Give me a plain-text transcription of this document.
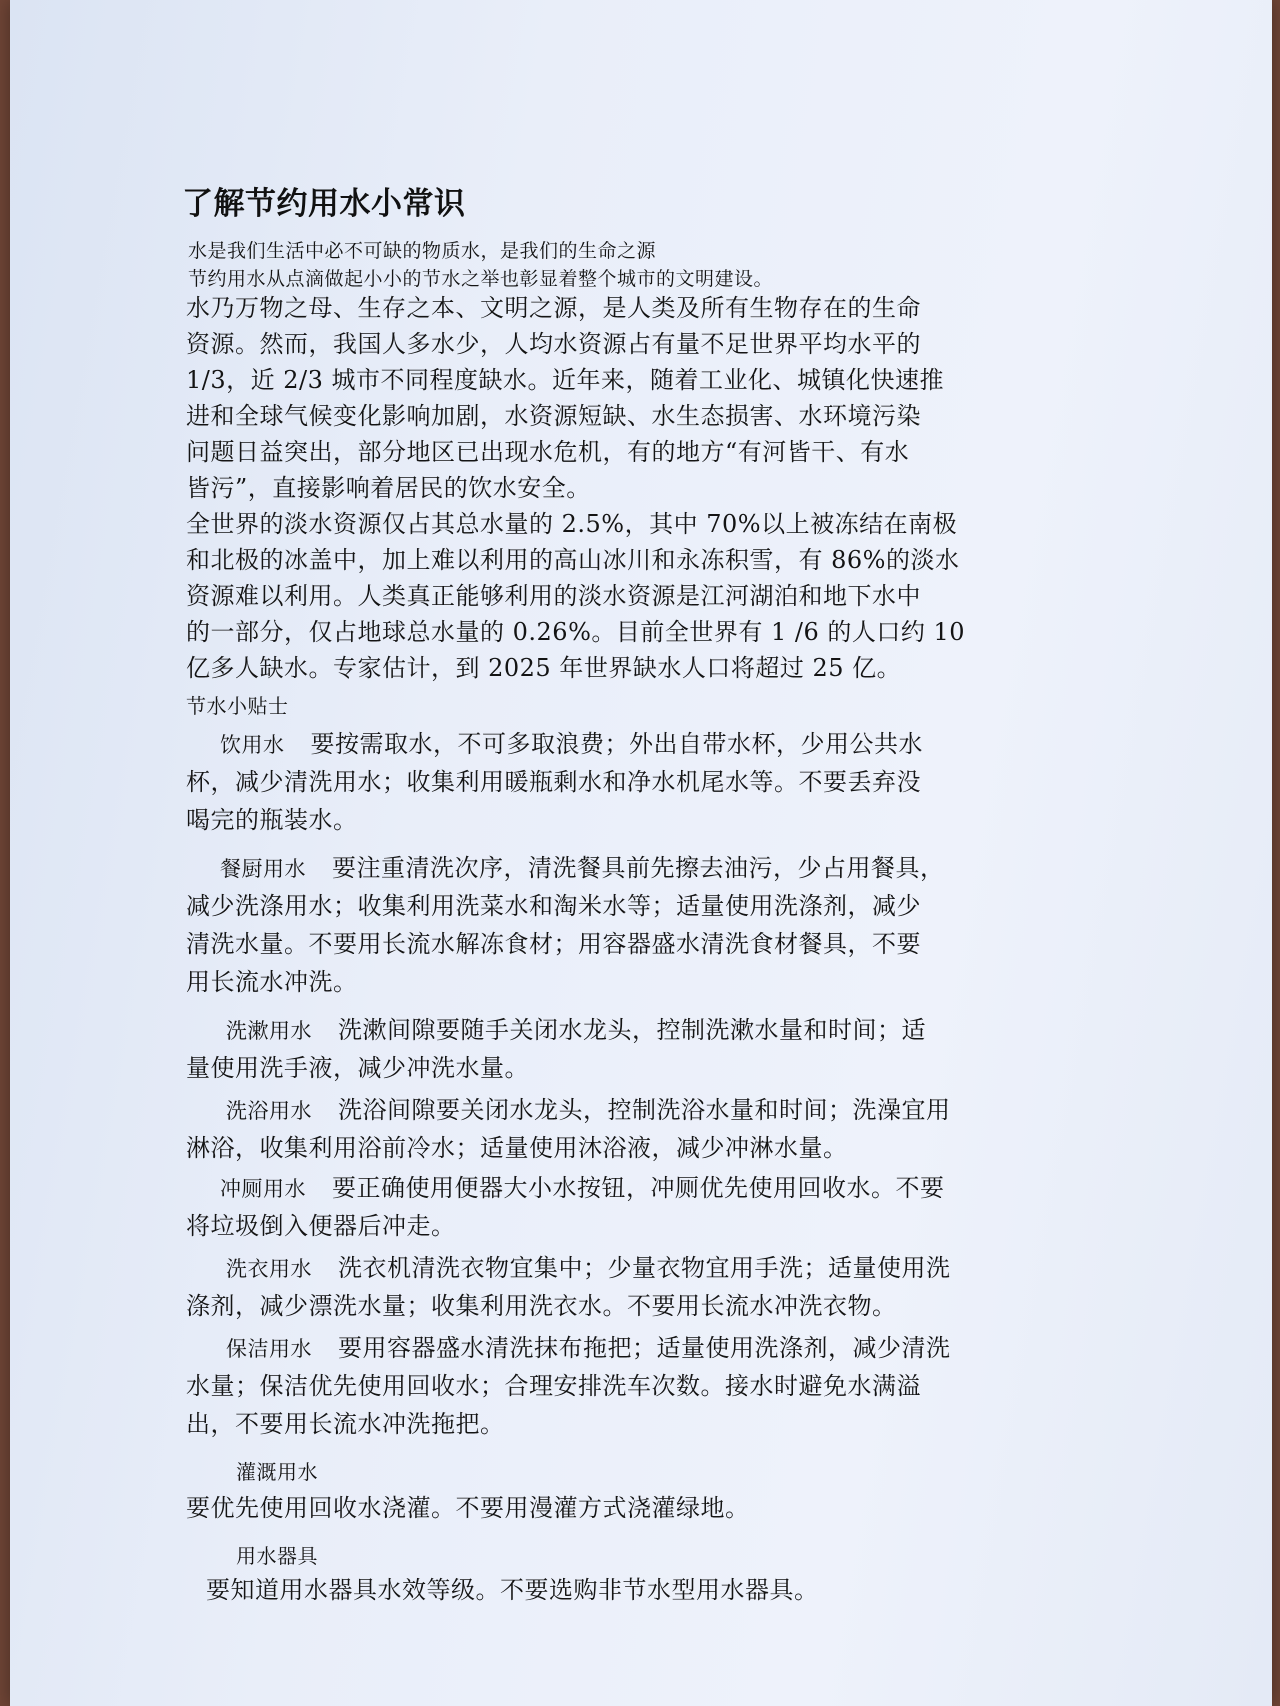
了解节约用水小常识
水是我们生活中必不可缺的物质水，是我们的生命之源
节约用水从点滴做起小小的节水之举也彰显着整个城市的文明建设。
水乃万物之母、生存之本、文明之源，是人类及所有生物存在的生命
资源。然而，我国人多水少，人均水资源占有量不足世界平均水平的
1/3，近 2/3 城市不同程度缺水。近年来，随着工业化、城镇化快速推
进和全球气候变化影响加剧，水资源短缺、水生态损害、水环境污染
问题日益突出，部分地区已出现水危机，有的地方“有河皆干、有水
皆污”，直接影响着居民的饮水安全。
全世界的淡水资源仅占其总水量的 2.5%，其中 70%以上被冻结在南极
和北极的冰盖中，加上难以利用的高山冰川和永冻积雪，有 86%的淡水
资源难以利用。人类真正能够利用的淡水资源是江河湖泊和地下水中
的一部分，仅占地球总水量的 0.26%。目前全世界有 1 /6 的人口约 10
亿多人缺水。专家估计，到 2025 年世界缺水人口将超过 25 亿。
节水小贴士
饮用水 要按需取水，不可多取浪费；外出自带水杯，少用公共水
杯，减少清洗用水；收集利用暖瓶剩水和净水机尾水等。不要丢弃没
喝完的瓶装水。
餐厨用水 要注重清洗次序，清洗餐具前先擦去油污，少占用餐具，
减少洗涤用水；收集利用洗菜水和淘米水等；适量使用洗涤剂，减少
清洗水量。不要用长流水解冻食材；用容器盛水清洗食材餐具，不要
用长流水冲洗。
洗漱用水 洗漱间隙要随手关闭水龙头，控制洗漱水量和时间；适
量使用洗手液，减少冲洗水量。
洗浴用水 洗浴间隙要关闭水龙头，控制洗浴水量和时间；洗澡宜用
淋浴，收集利用浴前冷水；适量使用沐浴液，减少冲淋水量。
冲厕用水 要正确使用便器大小水按钮，冲厕优先使用回收水。不要
将垃圾倒入便器后冲走。
洗衣用水 洗衣机清洗衣物宜集中；少量衣物宜用手洗；适量使用洗
涤剂，减少漂洗水量；收集利用洗衣水。不要用长流水冲洗衣物。
保洁用水 要用容器盛水清洗抹布拖把；适量使用洗涤剂，减少清洗
水量；保洁优先使用回收水；合理安排洗车次数。接水时避免水满溢
出，不要用长流水冲洗拖把。
灌溉用水
要优先使用回收水浇灌。不要用漫灌方式浇灌绿地。
用水器具
要知道用水器具水效等级。不要选购非节水型用水器具。
